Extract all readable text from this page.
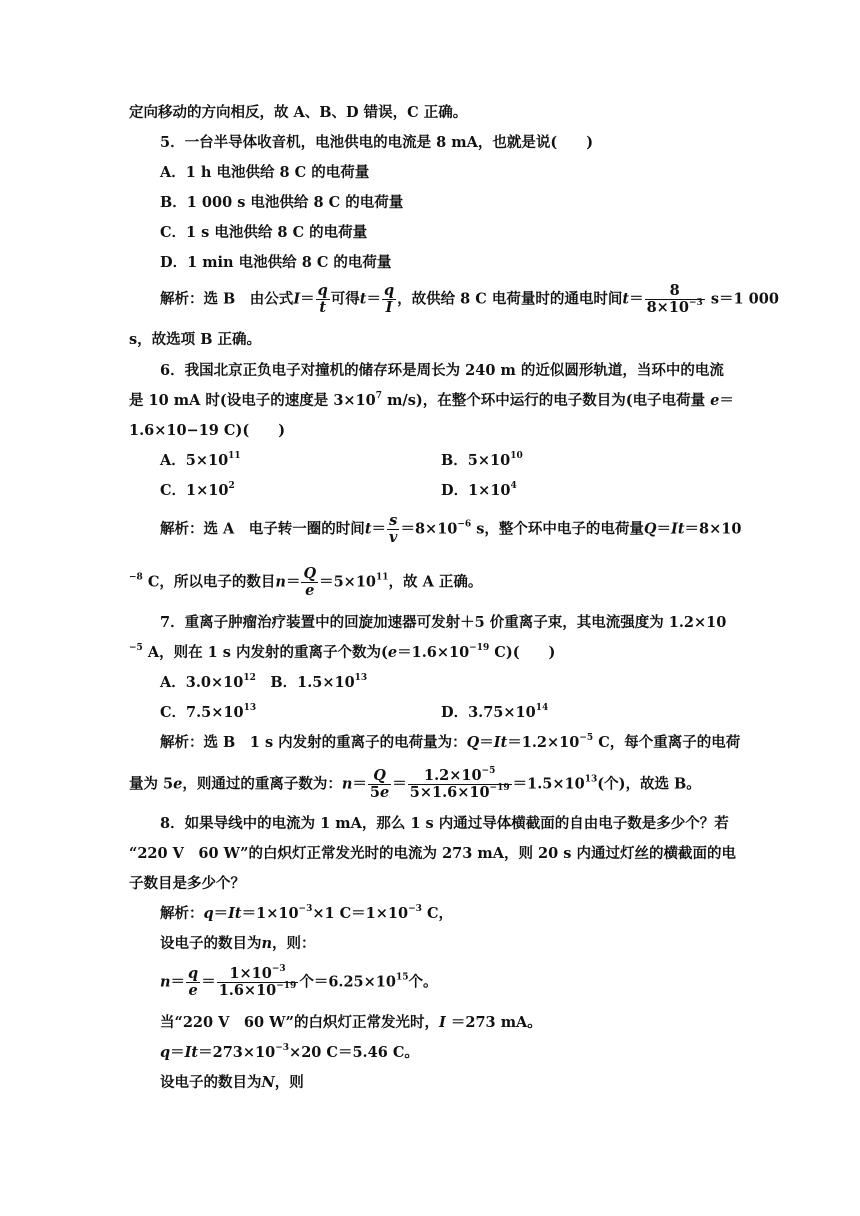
定向移动的方向相反，故 A、B、D 错误，C 正确。
5．一台半导体收音机，电池供电的电流是 8 mA，也就是说(　　)
A．1 h 电池供给 8 C 的电荷量
B．1 000 s 电池供给 8 C 的电荷量
C．1 s 电池供给 8 C 的电荷量
D．1 min 电池供给 8 C 的电荷量
解析：选 B　由公式$I= \frac{q}{t}$ 可得$t= \frac{q}{I}$ ，故供给 8 C 电荷量时的通电时间$t= \frac{8}{8\times 10^{-3}} s=1$ 000
s，故选项 B 正确。
6．我国北京正负电子对撞机的储存环是周长为 240 m 的近似圆形轨道，当环中的电流
是 10 mA 时(设电子的速度是 $3\times 10^7$ m/s)，在整个环中运行的电子数目为(电子电荷量 e＝
1.6×10−19 C)(　　)
A．$5\times 10^{11}$	B．$5\times 10^{10}$
C．$1\times 10^2$	D．$1\times 10^4$
解析：选 A　电子转一圈的时间$t= \frac{s}{v} =8\times 10^{-6}$ s，整个环中电子的电荷量Q＝It＝8×10
$^{-8}$ C，所以电子的数目$n= \frac{Q}{e} =5\times 10^{11}$，故 A 正确。
7．重离子肿瘤治疗装置中的回旋加速器可发射＋5 价重离子束，其电流强度为 1.2×10
$^{-5}$ A，则在 1 s 内发射的重离子个数为($e=1.6\times 10^{-19}$ C)(　　)
A．$3.0\times 10^{12}$　 B．$1.5\times 10^{13}$
C．$7.5\times 10^{13}$	D．$3.75\times 10^{14}$
解析：选 B　1 s 内发射的重离子的电荷量为：$Q=It=1.2\times 10^{-5}$ C，每个重离子的电荷
量为 5e，则通过的重离子数为：$n= \frac{Q}{5e} = \frac{1.2\times 10^{-5}}{5\times 1.6\times 10^{-19}} =1.5\times 10^{13}$(个)，故选 B。
8．如果导线中的电流为 1 mA，那么 1 s 内通过导体横截面的自由电子数是多少个？若
“220 V　60 W”的白炽灯正常发光时的电流为 273 mA，则 20 s 内通过灯丝的横截面的电
子数目是多少个？
解析：$q=It=1\times 10^{-3}\times 1$ $C=1\times 10^{-3}$ C，
设电子的数目为n，则：
$n= \frac{q}{e} = \frac{1\times 10^{-3}}{1.6\times 10^{-19}}$ 个$=6.25\times 10^{15}$个。
当“220 V　60 W”的白炽灯正常发光时，I ＝273 mA。
$q=It=273\times 10^{-3}\times 20$ C＝5.46 C。
设电子的数目为N，则
